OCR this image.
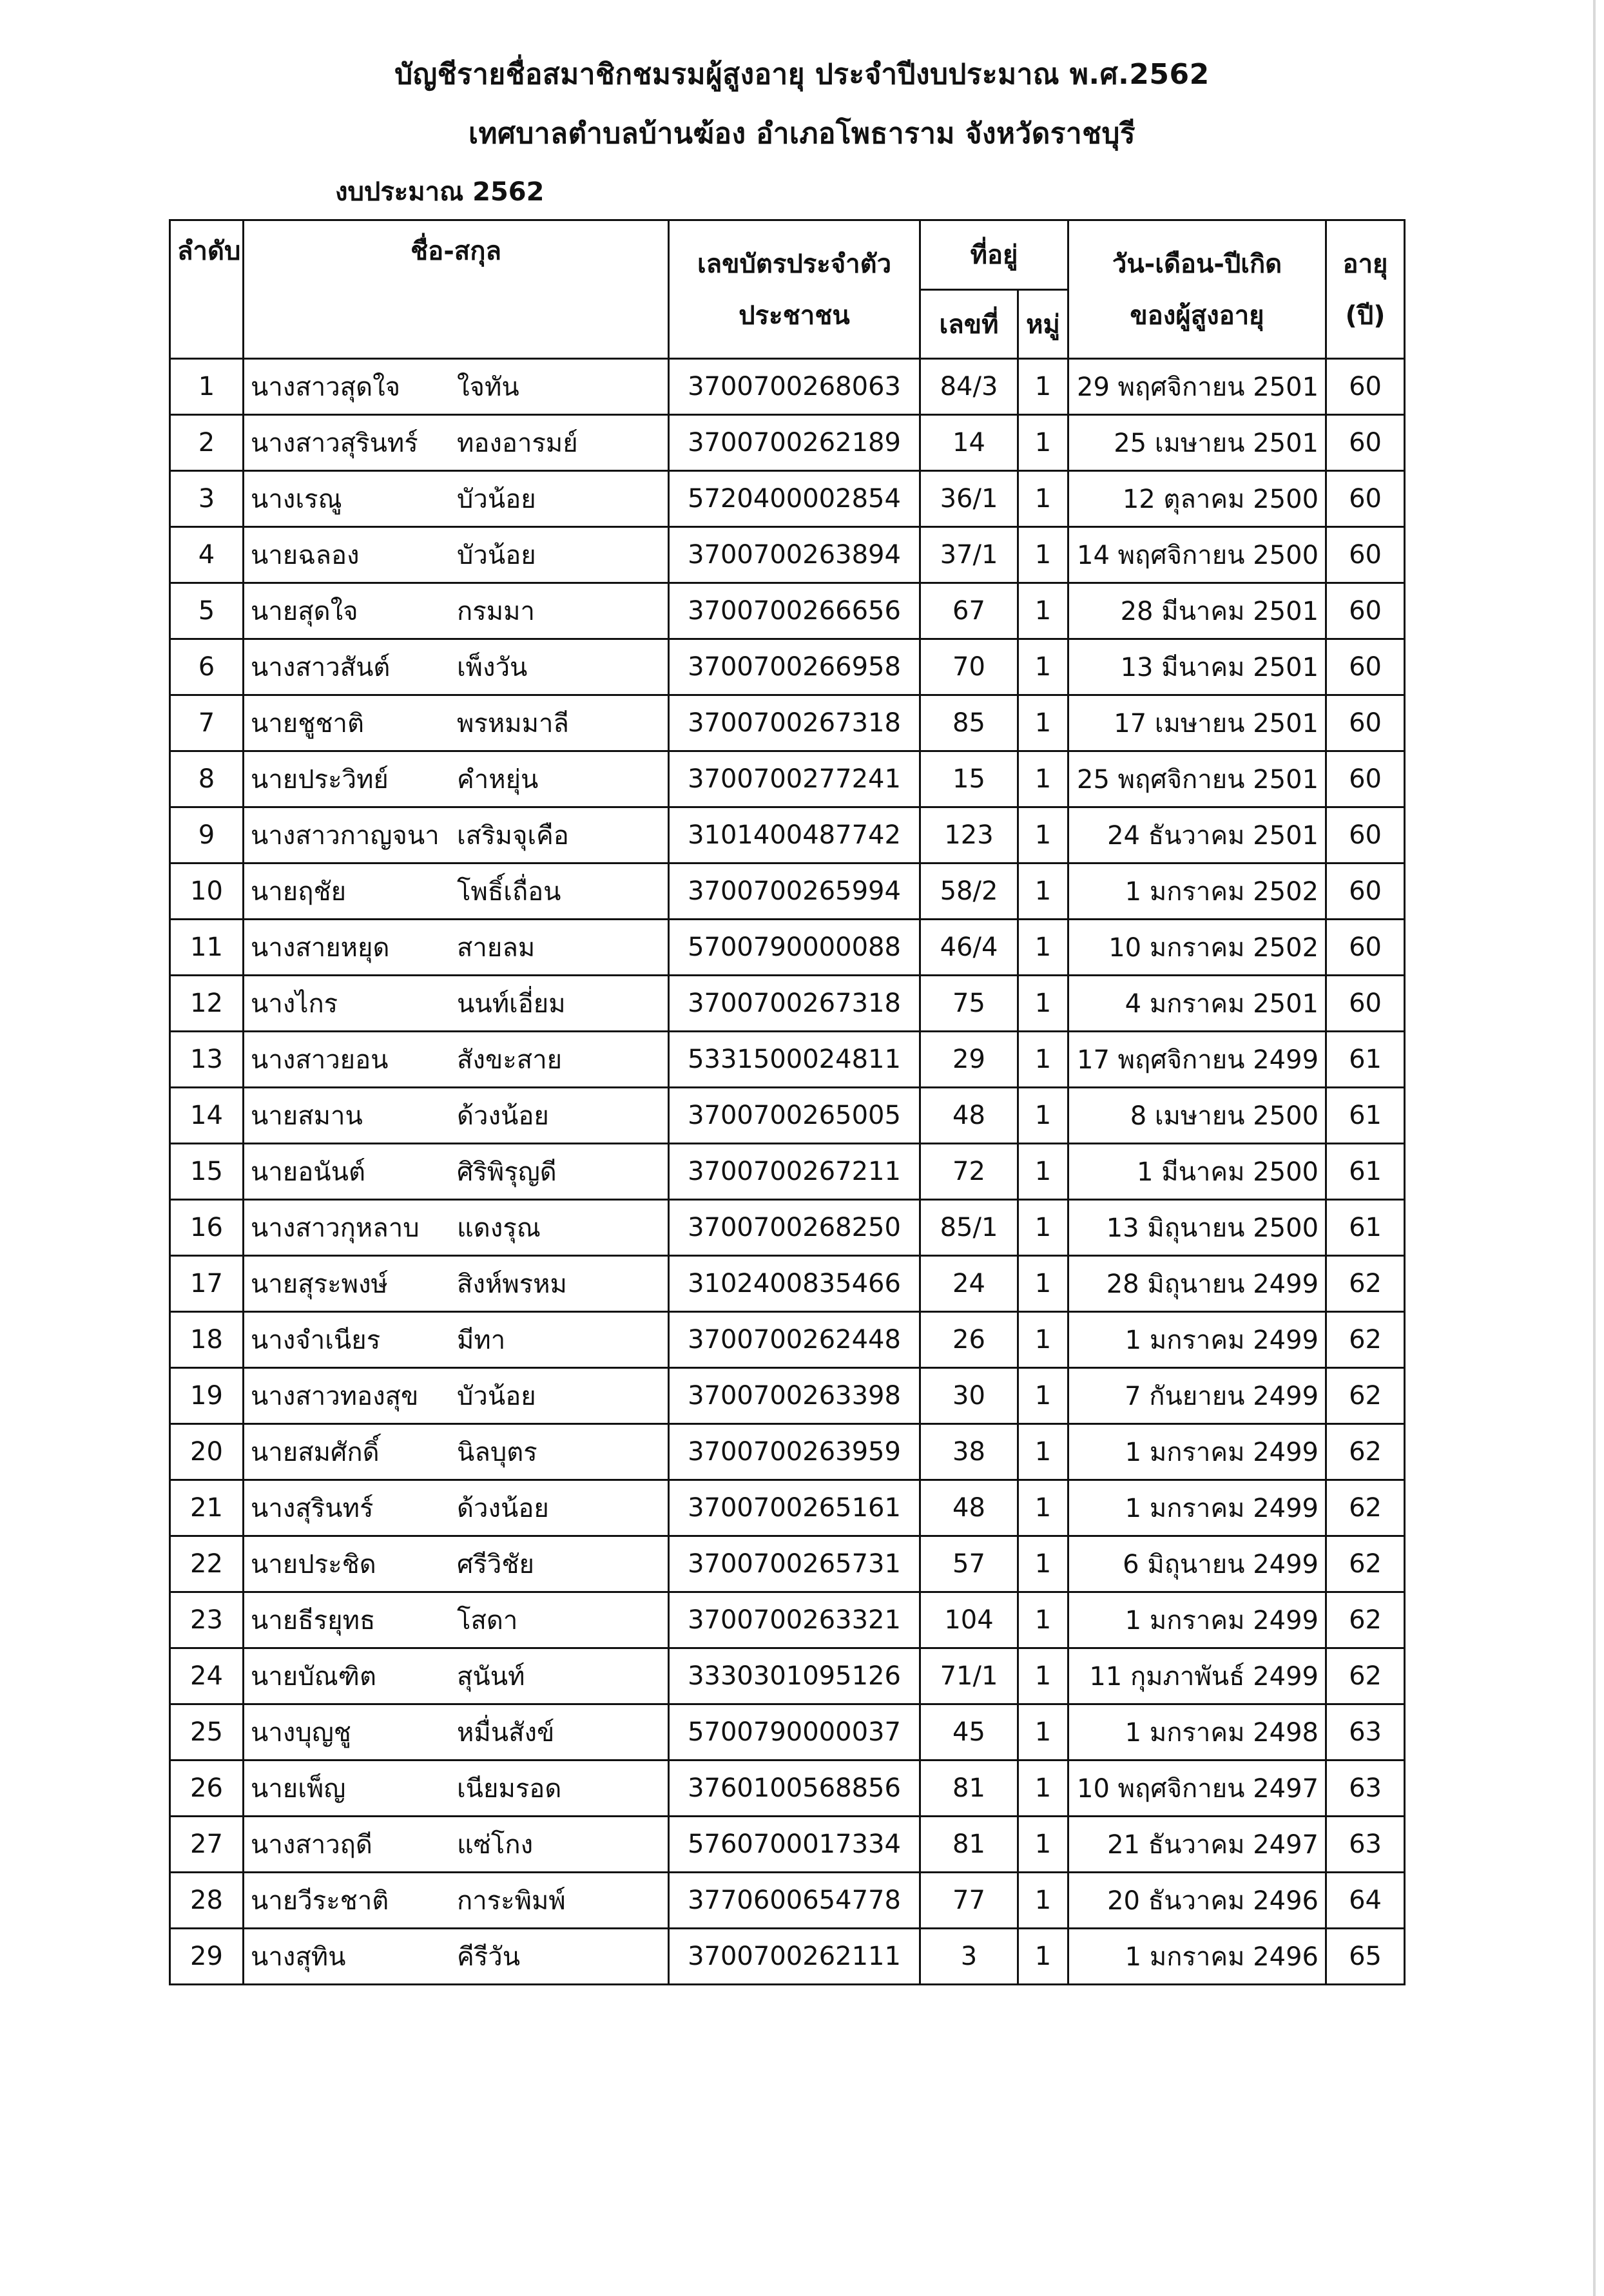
บัญชีรายชื่อสมาชิกชมรมผู้สูงอายุ ประจำปีงบประมาณ พ.ศ.2562
เทศบาลตำบลบ้านฆ้อง อำเภอโพธาราม จังหวัดราชบุรี
งบประมาณ 2562
ลำดับ	ชื่อ-สกุล	เลขบัตรประจำตัว	ที่อยู่		วัน-เดือน-ปีเกิด	อายุ
		ประชาชน	เลขที่	หมู่	ของผู้สูงอายุ	(ปี)
1	นางสาวสุดใจ ใจทัน	3700700268063	84/3	1	29 พฤศจิกายน 2501	60
2	นางสาวสุรินทร์ ทองอารมย์	3700700262189	14	1	25 เมษายน 2501	60
3	นางเรณู บัวน้อย	5720400002854	36/1	1	12 ตุลาคม 2500	60
4	นายฉลอง บัวน้อย	3700700263894	37/1	1	14 พฤศจิกายน 2500	60
5	นายสุดใจ กรมมา	3700700266656	67	1	28 มีนาคม 2501	60
6	นางสาวสันต์ เพ็งวัน	3700700266958	70	1	13 มีนาคม 2501	60
7	นายชูชาติ พรหมมาลี	3700700267318	85	1	17 เมษายน 2501	60
8	นายประวิทย์ คำหยุ่น	3700700277241	15	1	25 พฤศจิกายน 2501	60
9	นางสาวกาญจนา เสริมจุเคือ	3101400487742	123	1	24 ธันวาคม 2501	60
10	นายฤชัย โพธิ์เถื่อน	3700700265994	58/2	1	1 มกราคม 2502	60
11	นางสายหยุด สายลม	5700790000088	46/4	1	10 มกราคม 2502	60
12	นางไกร นนท์เอี่ยม	3700700267318	75	1	4 มกราคม 2501	60
13	นางสาวยอน สังขะสาย	5331500024811	29	1	17 พฤศจิกายน 2499	61
14	นายสมาน ด้วงน้อย	3700700265005	48	1	8 เมษายน 2500	61
15	นายอนันต์ ศิริพิรุญดี	3700700267211	72	1	1 มีนาคม 2500	61
16	นางสาวกุหลาบ แดงรุณ	3700700268250	85/1	1	13 มิถุนายน 2500	61
17	นายสุระพงษ์ สิงห์พรหม	3102400835466	24	1	28 มิถุนายน 2499	62
18	นางจำเนียร มีทา	3700700262448	26	1	1 มกราคม 2499	62
19	นางสาวทองสุข บัวน้อย	3700700263398	30	1	7 กันยายน 2499	62
20	นายสมศักดิ์ นิลบุตร	3700700263959	38	1	1 มกราคม 2499	62
21	นางสุรินทร์ ด้วงน้อย	3700700265161	48	1	1 มกราคม 2499	62
22	นายประชิด ศรีวิชัย	3700700265731	57	1	6 มิถุนายน 2499	62
23	นายธีรยุทธ โสดา	3700700263321	104	1	1 มกราคม 2499	62
24	นายบัณฑิต สุนันท์	3330301095126	71/1	1	11 กุมภาพันธ์ 2499	62
25	นางบุญชู หมื่นสังข์	5700790000037	45	1	1 มกราคม 2498	63
26	นายเพ็ญ เนียมรอด	3760100568856	81	1	10 พฤศจิกายน 2497	63
27	นางสาวฤดี แซ่โกง	5760700017334	81	1	21 ธันวาคม 2497	63
28	นายวีระชาติ การะพิมพ์	3770600654778	77	1	20 ธันวาคม 2496	64
29	นางสุทิน คีรีวัน	3700700262111	3	1	1 มกราคม 2496	65
